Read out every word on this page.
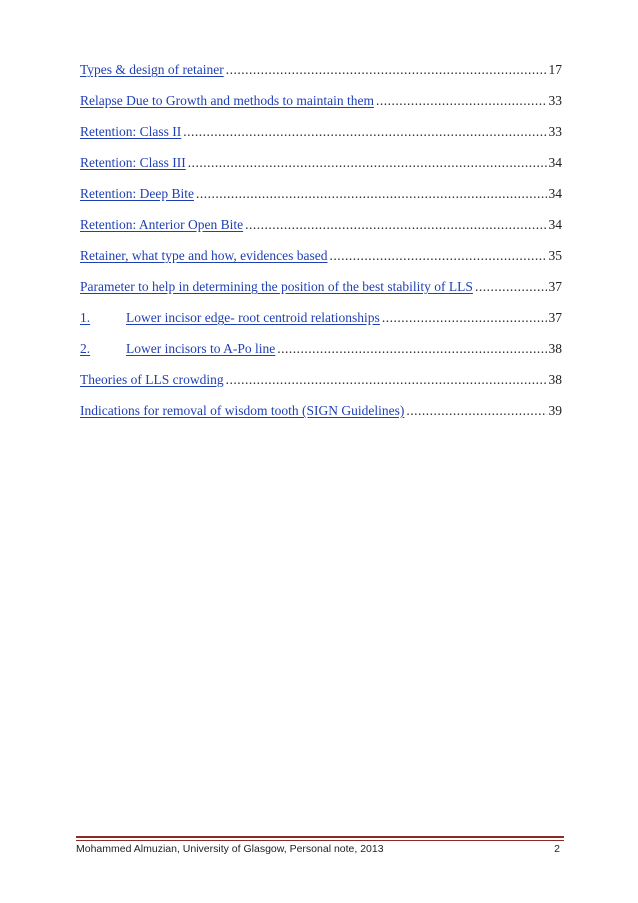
Types & design of retainer .....	17
Relapse Due to Growth and methods to maintain them .....	33
Retention: Class II .....	33
Retention: Class III .....	34
Retention: Deep Bite .....	34
Retention: Anterior Open Bite .....	34
Retainer, what type and how, evidences based .....	35
Parameter to help in determining the position of the best stability of LLS .....	37
1.	Lower incisor edge- root centroid relationships .....	37
2.	Lower incisors to A-Po line .....	38
Theories of LLS crowding .....	38
Indications for removal of wisdom tooth (SIGN Guidelines) .....	39
Mohammed Almuzian, University of Glasgow, Personal note, 2013	2
